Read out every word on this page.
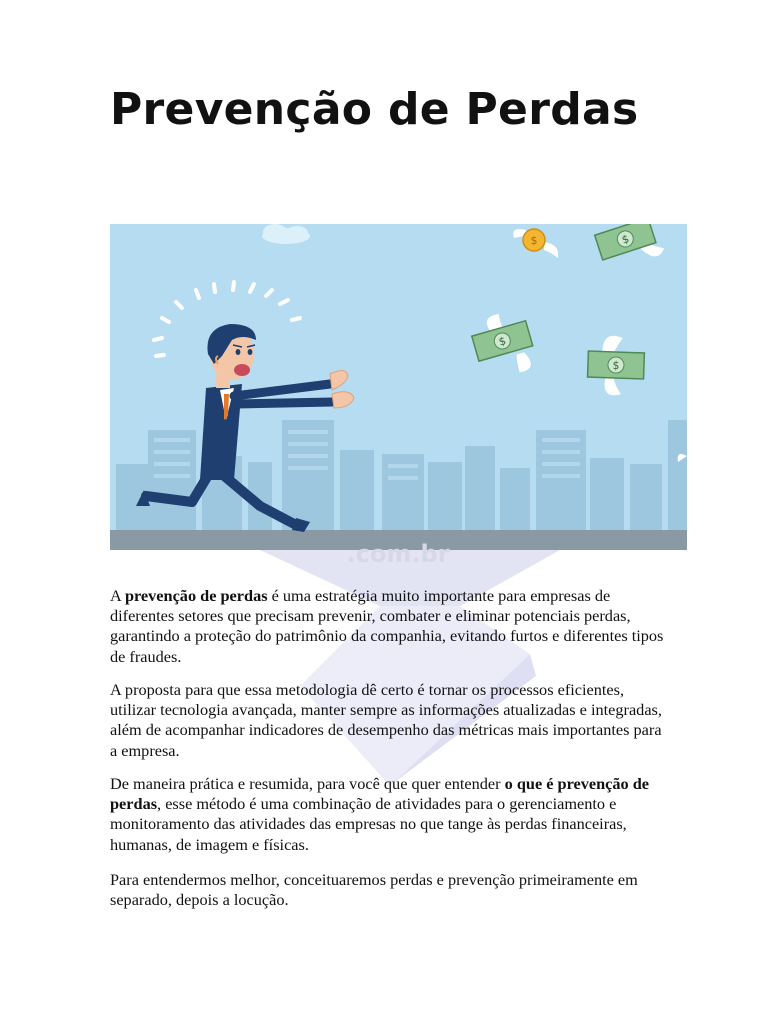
Prevenção de Perdas
$
$
$
$
.com.br

A prevenção de perdas é uma estratégia muito importante para empresas de diferentes setores que precisam prevenir, combater e eliminar potenciais perdas, garantindo a proteção do patrimônio da companhia, evitando furtos e diferentes tipos de fraudes.

A proposta para que essa metodologia dê certo é tornar os processos eficientes, utilizar tecnologia avançada, manter sempre as informações atualizadas e integradas, além de acompanhar indicadores de desempenho das métricas mais importantes para a empresa.

De maneira prática e resumida, para você que quer entender o que é prevenção de perdas, esse método é uma combinação de atividades para o gerenciamento e monitoramento das atividades das empresas no que tange às perdas financeiras, humanas, de imagem e físicas.

Para entendermos melhor, conceituaremos perdas e prevenção primeiramente em separado, depois a locução.
